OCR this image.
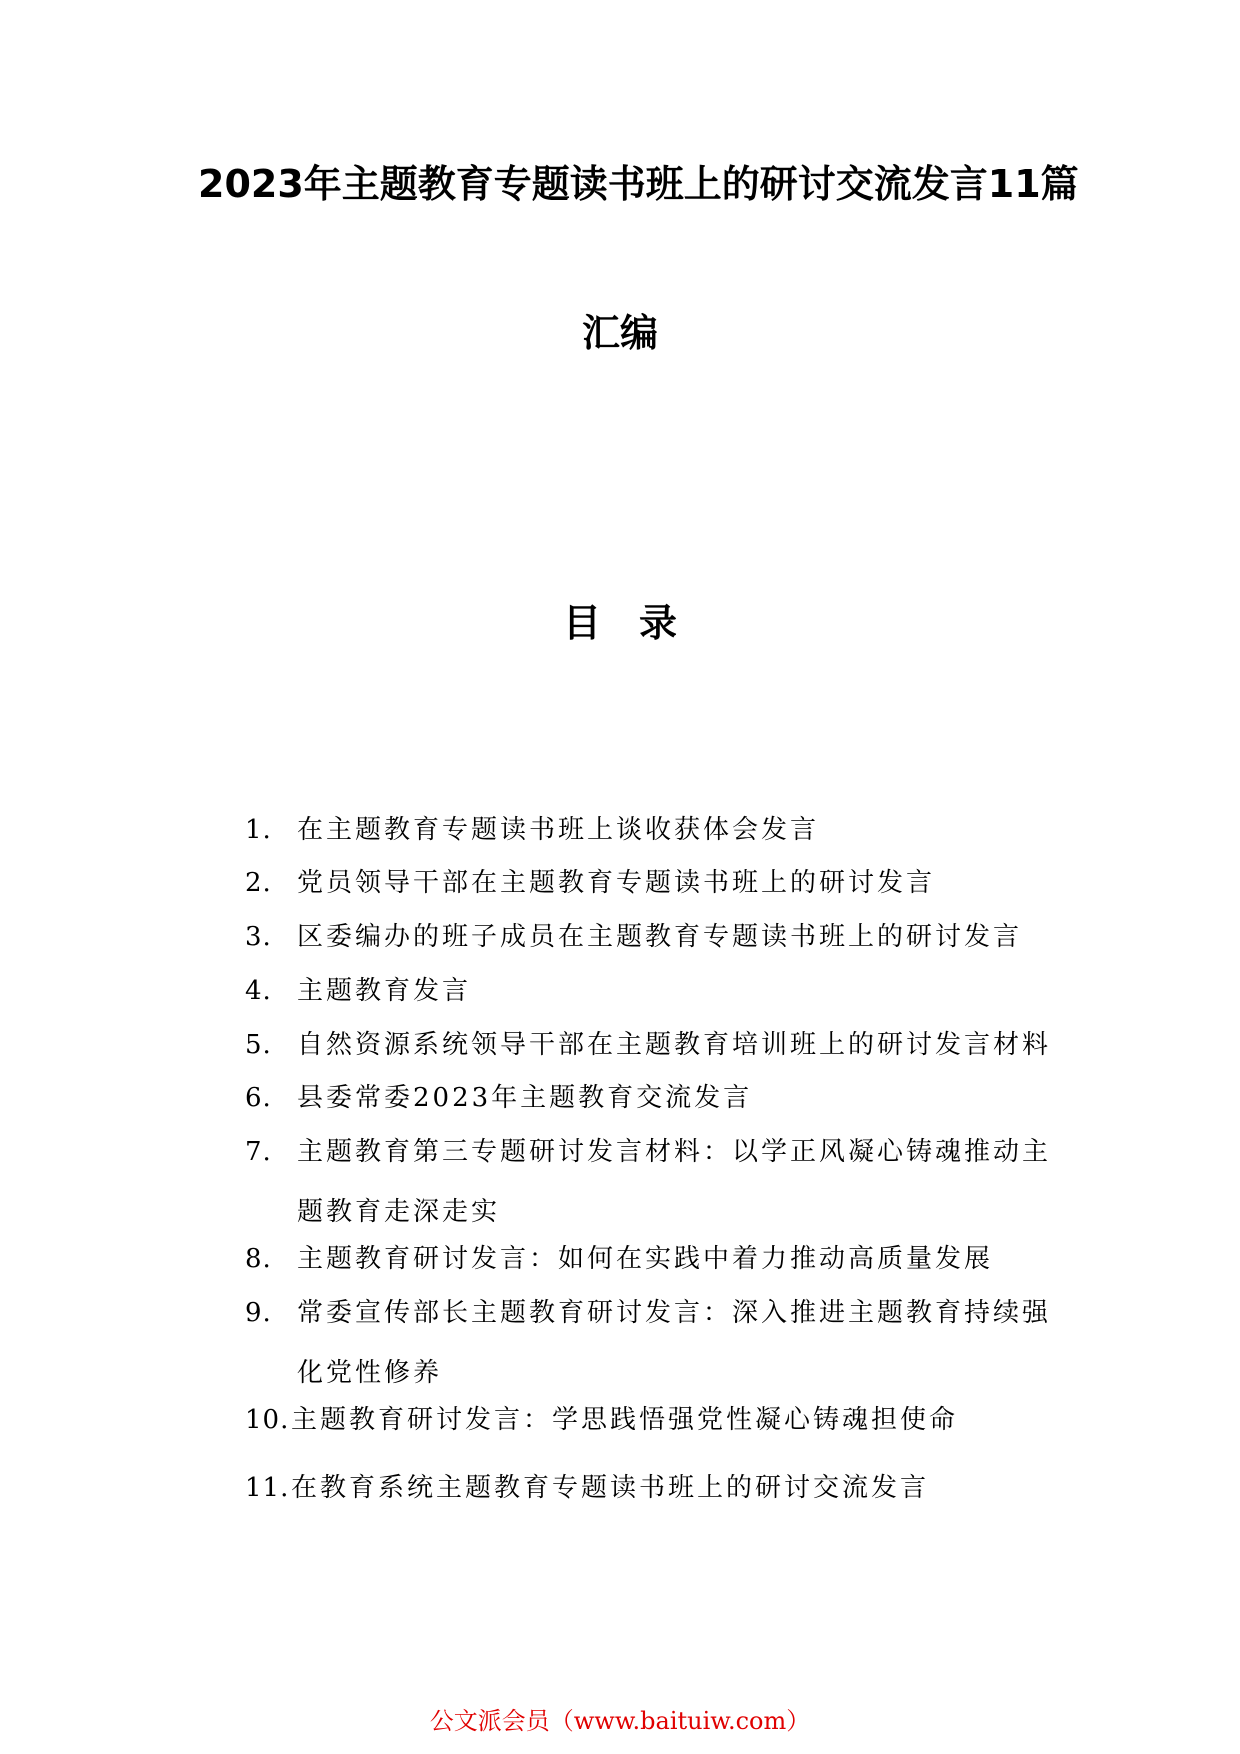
2023年主题教育专题读书班上的研讨交流发言11篇
汇编
目　录
1. 在主题教育专题读书班上谈收获体会发言
2. 党员领导干部在主题教育专题读书班上的研讨发言
3. 区委编办的班子成员在主题教育专题读书班上的研讨发言
4. 主题教育发言
5. 自然资源系统领导干部在主题教育培训班上的研讨发言材料
6. 县委常委2023年主题教育交流发言
7. 主题教育第三专题研讨发言材料：以学正风凝心铸魂推动主题教育走深走实
8. 主题教育研讨发言：如何在实践中着力推动高质量发展
9. 常委宣传部长主题教育研讨发言：深入推进主题教育持续强化党性修养
10. 主题教育研讨发言：学思践悟强党性凝心铸魂担使命
11. 在教育系统主题教育专题读书班上的研讨交流发言

公文派会员（www.baituiw.com）
